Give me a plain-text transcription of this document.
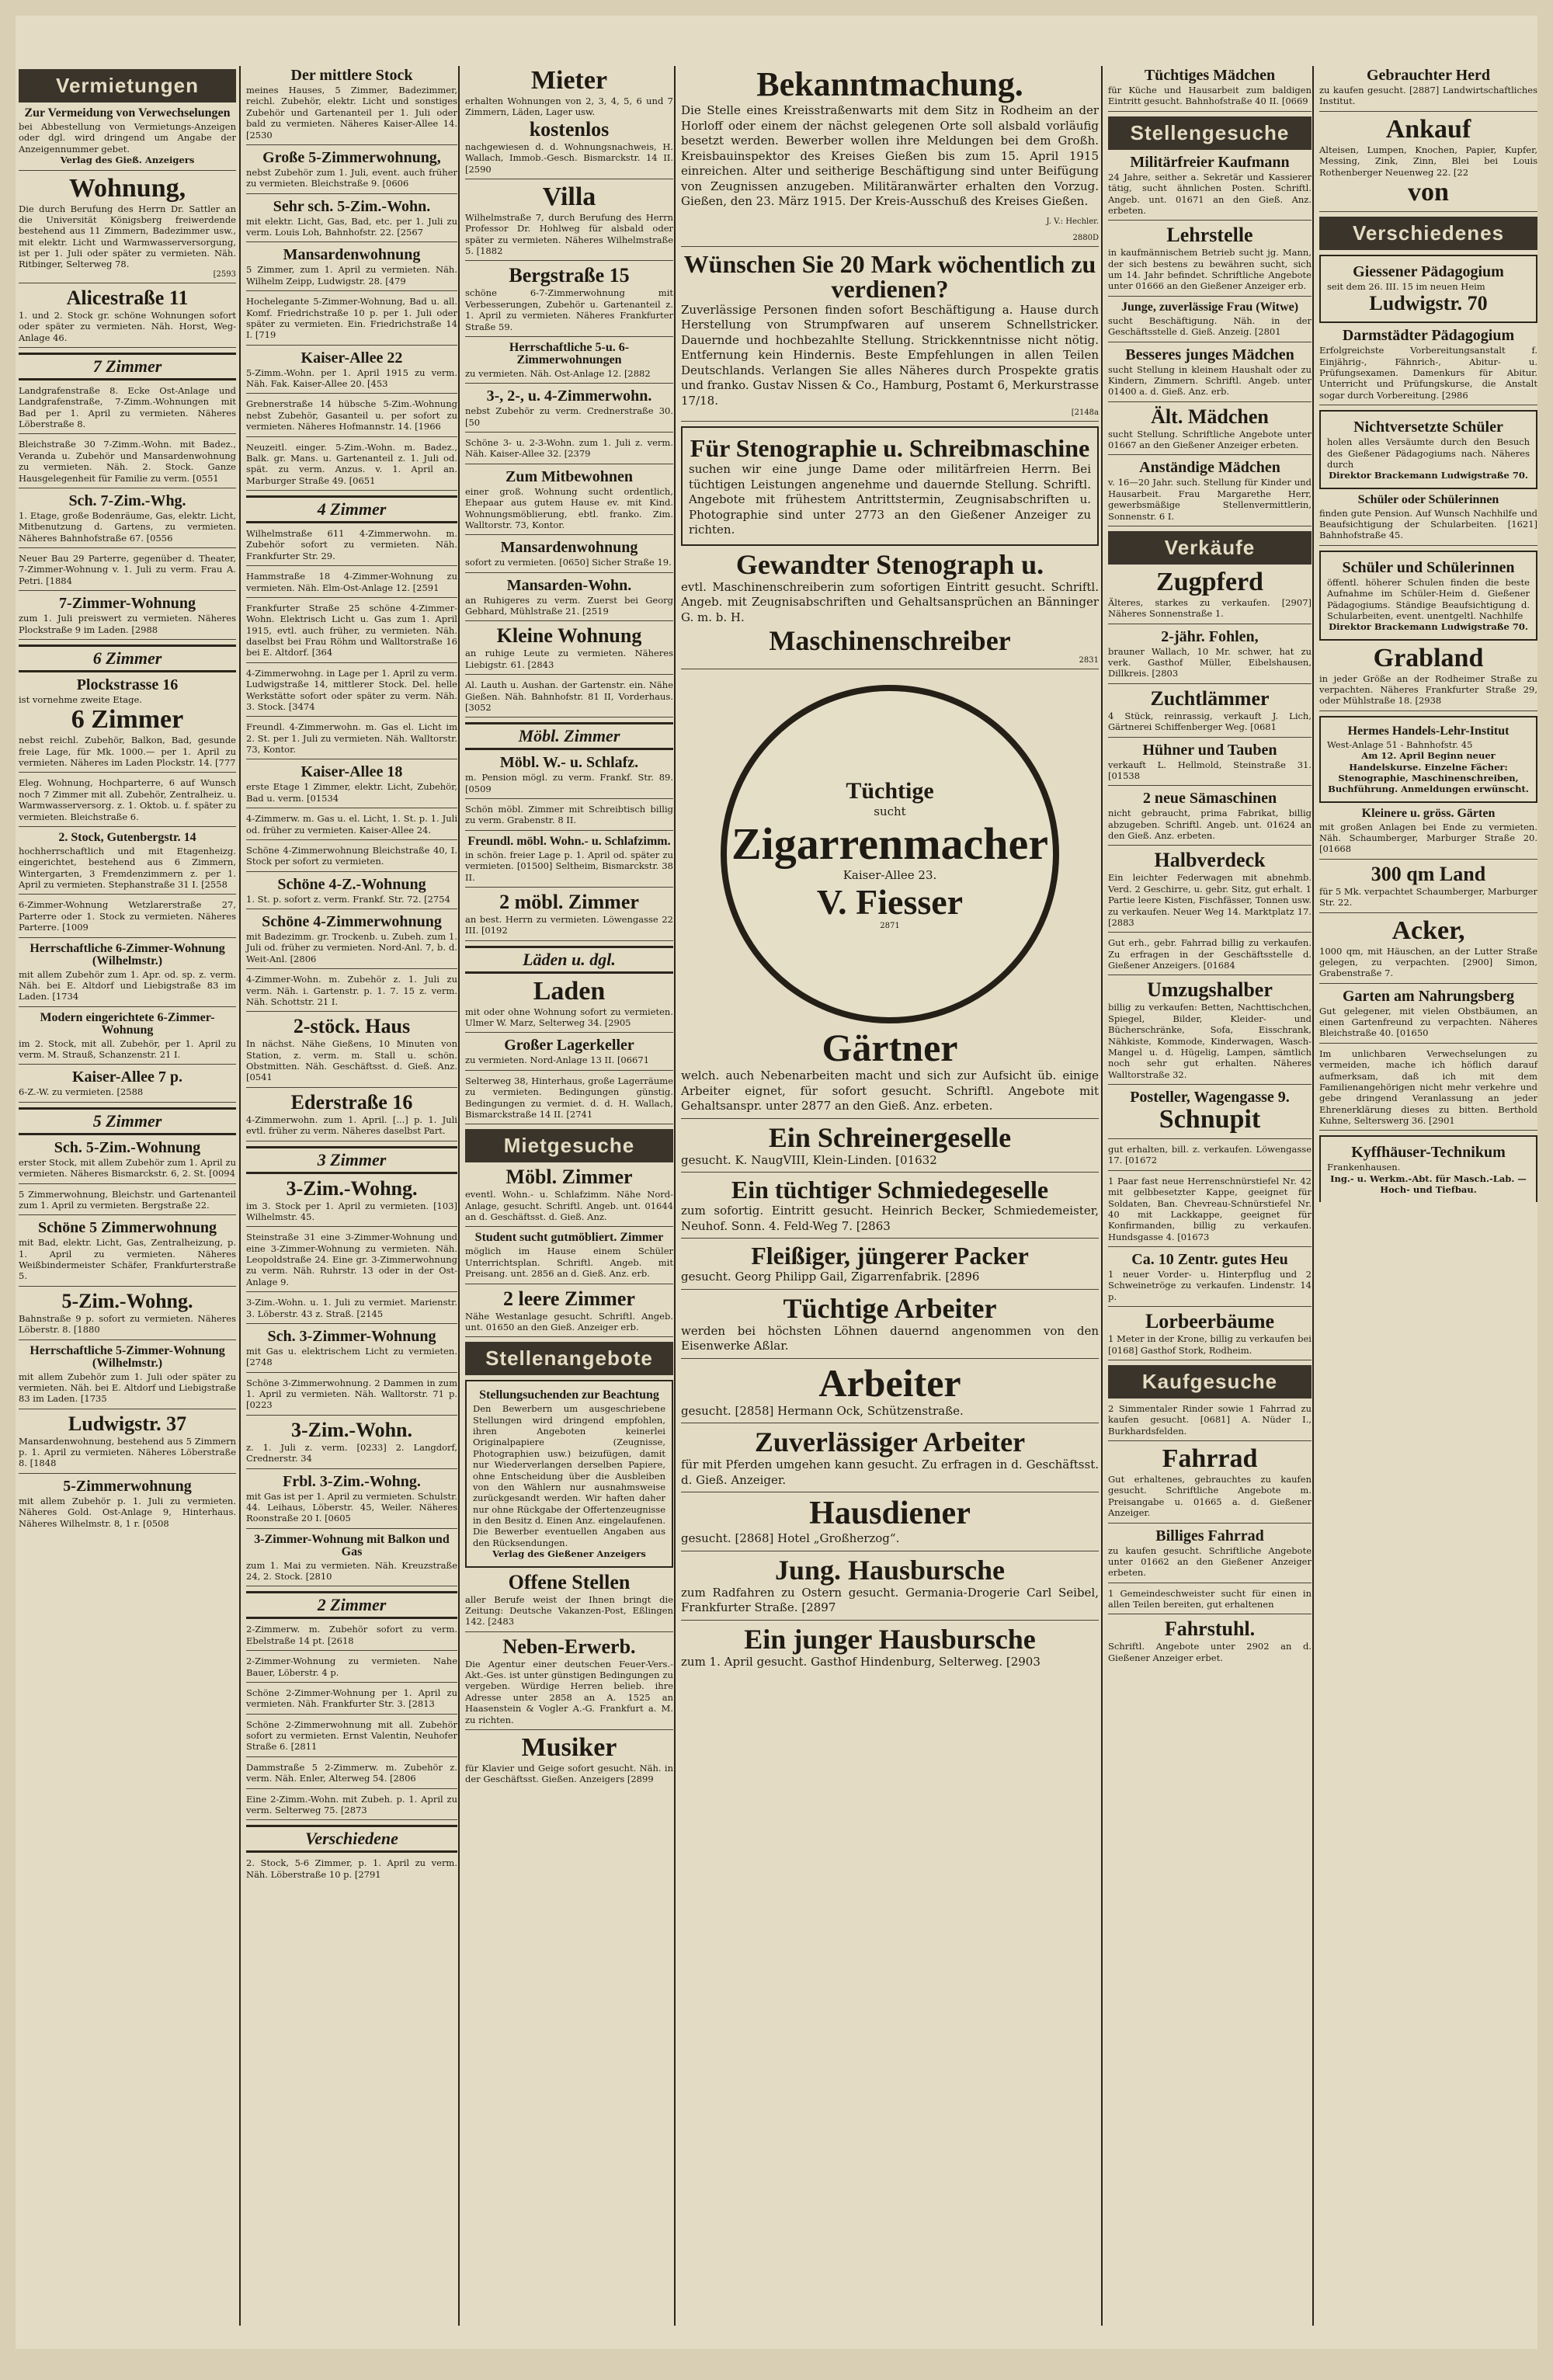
Vermietungen
Zur Vermeidung von Verwechselungen

bei Abbestellung von Vermietungs-Anzeigen oder dgl. wird dringend um Angabe der Anzeigennummer gebet.

Verlag des Gieß. Anzeigers

Wohnung,

Die durch Berufung des Herrn Dr. Sattler an die Universität Königsberg freiwerdende bestehend aus 11 Zimmern, Badezimmer usw., mit elektr. Licht und Warmwasserversorgung, ist per 1. Juli oder später zu vermieten. Näh. Ritbinger, Selterweg 78.

[2593
Alicestraße 11

1. und 2. Stock gr. schöne Wohnungen sofort oder später zu vermieten. Näh. Horst, Weg-Anlage 46.

7 Zimmer

Landgrafenstraße 8. Ecke Ost-Anlage und Landgrafenstraße, 7-Zimm.-Wohnungen mit Bad per 1. April zu vermieten. Näheres Löberstraße 8.

Bleichstraße 30 7-Zimm.-Wohn. mit Badez., Veranda u. Zubehör und Mansardenwohnung zu vermieten. Näh. 2. Stock. Ganze Hausgelegenheit für Familie zu verm. [0551

Sch. 7-Zim.-Whg.

1. Etage, große Bodenräume, Gas, elektr. Licht, Mitbenutzung d. Gartens, zu vermieten. Näheres Bahnhofstraße 67. [0556

Neuer Bau 29 Parterre, gegenüber d. Theater, 7-Zimmer-Wohnung v. 1. Juli zu verm. Frau A. Petri. [1884

7-Zimmer-Wohnung

zum 1. Juli preiswert zu vermieten. Näheres Plockstraße 9 im Laden. [2988

6 Zimmer
Plockstrasse 16

ist vornehme zweite Etage.

6 Zimmer

nebst reichl. Zubehör, Balkon, Bad, gesunde freie Lage, für Mk. 1000.— per 1. April zu vermieten. Näheres im Laden Plockstr. 14. [777

Eleg. Wohnung, Hochparterre, 6 auf Wunsch noch 7 Zimmer mit all. Zubehör, Zentralheiz. u. Warmwasserversorg. z. 1. Oktob. u. f. später zu vermieten. Bleichstraße 6.

2. Stock, Gutenbergstr. 14

hochherrschaftlich und mit Etagenheizg. eingerichtet, bestehend aus 6 Zimmern, Wintergarten, 3 Fremdenzimmern z. per 1. April zu vermieten. Stephanstraße 31 I. [2558

6-Zimmer-Wohnung Wetzlarerstraße 27, Parterre oder 1. Stock zu vermieten. Näheres Parterre. [1009

Herrschaftliche 6-Zimmer-Wohnung (Wilhelmstr.)

mit allem Zubehör zum 1. Apr. od. sp. z. verm. Näh. bei E. Altdorf und Liebigstraße 83 im Laden. [1734

Modern eingerichtete 6-Zimmer-Wohnung

im 2. Stock, mit all. Zubehör, per 1. April zu verm. M. Strauß, Schanzenstr. 21 I.

Kaiser-Allee 7 p.

6-Z.-W. zu vermieten. [2588

5 Zimmer
Sch. 5-Zim.-Wohnung

erster Stock, mit allem Zubehör zum 1. April zu vermieten. Näheres Bismarckstr. 6, 2. St. [0094

5 Zimmerwohnung, Bleichstr. und Gartenanteil zum 1. April zu vermieten. Bergstraße 22.

Schöne 5 Zimmerwohnung

mit Bad, elektr. Licht, Gas, Zentralheizung, p. 1. April zu vermieten. Näheres Weißbindermeister Schäfer, Frankfurterstraße 5.

5-Zim.-Wohng.

Bahnstraße 9 p. sofort zu vermieten. Näheres Löberstr. 8. [1880

Herrschaftliche 5-Zimmer-Wohnung (Wilhelmstr.)

mit allem Zubehör zum 1. Juli oder später zu vermieten. Näh. bei E. Altdorf und Liebigstraße 83 im Laden. [1735

Ludwigstr. 37

Mansardenwohnung, bestehend aus 5 Zimmern p. 1. April zu vermieten. Näheres Löberstraße 8. [1848

5-Zimmerwohnung

mit allem Zubehör p. 1. Juli zu vermieten. Näheres Gold. Ost-Anlage 9, Hinterhaus. Näheres Wilhelmstr. 8, 1 r. [0508

Der mittlere Stock

meines Hauses, 5 Zimmer, Badezimmer, reichl. Zubehör, elektr. Licht und sonstiges Zubehör und Gartenanteil per 1. Juli oder bald zu vermieten. Näheres Kaiser-Allee 14. [2530

Große 5-Zimmerwohnung,

nebst Zubehör zum 1. Juli, event. auch früher zu vermieten. Bleichstraße 9. [0606

Sehr sch. 5-Zim.-Wohn.

mit elektr. Licht, Gas, Bad, etc. per 1. Juli zu verm. Louis Loh, Bahnhofstr. 22. [2567

Mansardenwohnung

5 Zimmer, zum 1. April zu vermieten. Näh. Wilhelm Zeipp, Ludwigstr. 28. [479

Hochelegante 5-Zimmer-Wohnung, Bad u. all. Komf. Friedrichstraße 10 p. per 1. Juli oder später zu vermieten. Ein. Friedrichstraße 14 I. [719

Kaiser-Allee 22

5-Zimm.-Wohn. per 1. April 1915 zu verm. Näh. Fak. Kaiser-Allee 20. [453

Grebnerstraße 14 hübsche 5-Zim.-Wohnung nebst Zubehör, Gasanteil u. per sofort zu vermieten. Näheres Hofmannstr. 14. [1966

Neuzeitl. einger. 5-Zim.-Wohn. m. Badez., Balk. gr. Mans. u. Gartenanteil z. 1. Juli od. spät. zu verm. Anzus. v. 1. April an. Marburger Straße 49. [0651

4 Zimmer

Wilhelmstraße 611 4-Zimmerwohn. m. Zubehör sofort zu vermieten. Näh. Frankfurter Str. 29.

Hammstraße 18 4-Zimmer-Wohnung zu vermieten. Näh. Elm-Ost-Anlage 12. [2591

Frankfurter Straße 25 schöne 4-Zimmer-Wohn. Elektrisch Licht u. Gas zum 1. April 1915, evtl. auch früher, zu vermieten. Näh. daselbst bei Frau Röhm und Walltorstraße 16 bei E. Altdorf. [364

4-Zimmerwohng. in Lage per 1. April zu verm. Ludwigstraße 14, mittlerer Stock. Del. helle Werkstätte sofort oder später zu verm. Näh. 3. Stock. [3474

Freundl. 4-Zimmerwohn. m. Gas el. Licht im 2. St. per 1. Juli zu vermieten. Näh. Walltorstr. 73, Kontor.

Kaiser-Allee 18

erste Etage 1 Zimmer, elektr. Licht, Zubehör, Bad u. verm. [01534

4-Zimmerw. m. Gas u. el. Licht, 1. St. p. 1. Juli od. früher zu vermieten. Kaiser-Allee 24.

Schöne 4-Zimmerwohnung Bleichstraße 40, I. Stock per sofort zu vermieten.

Schöne 4-Z.-Wohnung

1. St. p. sofort z. verm. Frankf. Str. 72. [2754

Schöne 4-Zimmerwohnung

mit Badezimm. gr. Trockenb. u. Zubeh. zum 1. Juli od. früher zu vermieten. Nord-Anl. 7, b. d. Weit-Anl. [2806

4-Zimmer-Wohn. m. Zubehör z. 1. Juli zu verm. Näh. i. Gartenstr. p. 1. 7. 15 z. verm. Näh. Schottstr. 21 I.

2-stöck. Haus

In nächst. Nähe Gießens, 10 Minuten von Station, z. verm. m. Stall u. schön. Obstmitten. Näh. Geschäftsst. d. Gieß. Anz. [0541

Ederstraße 16

4-Zimmerwohn. zum 1. April. [...] p. 1. Juli evtl. früher zu verm. Näheres daselbst Part.

3 Zimmer
3-Zim.-Wohng.

im 3. Stock per 1. April zu vermieten. [103] Wilhelmstr. 45.

Steinstraße 31 eine 3-Zimmer-Wohnung und eine 3-Zimmer-Wohnung zu vermieten. Näh. Leopoldstraße 24. Eine gr. 3-Zimmerwohnung zu verm. Näh. Ruhrstr. 13 oder in der Ost-Anlage 9.

3-Zim.-Wohn. u. 1. Juli zu vermiet. Marienstr. 3. Löberstr. 43 z. Straß. [2145

Sch. 3-Zimmer-Wohnung

mit Gas u. elektrischem Licht zu vermieten. [2748

Schöne 3-Zimmerwohnung. 2 Dammen in zum 1. April zu vermieten. Näh. Walltorstr. 71 p. [0223

3-Zim.-Wohn.

z. 1. Juli z. verm. [0233] 2. Langdorf, Crednerstr. 34

Frbl. 3-Zim.-Wohng.

mit Gas ist per 1. April zu vermieten. Schulstr. 44. Leihaus, Löberstr. 45, Weiler. Näheres Roonstraße 20 I. [0605

3-Zimmer-Wohnung mit Balkon und Gas

zum 1. Mai zu vermieten. Näh. Kreuzstraße 24, 2. Stock. [2810

2 Zimmer

2-Zimmerw. m. Zubehör sofort zu verm. Ebelstraße 14 pt. [2618

2-Zimmer-Wohnung zu vermieten. Nahe Bauer, Löberstr. 4 p.

Schöne 2-Zimmer-Wohnung per 1. April zu vermieten. Näh. Frankfurter Str. 3. [2813

Schöne 2-Zimmerwohnung mit all. Zubehör sofort zu vermieten. Ernst Valentin, Neuhofer Straße 6. [2811

Dammstraße 5 2-Zimmerw. m. Zubehör z. verm. Näh. Enler, Alterweg 54. [2806

Eine 2-Zimm.-Wohn. mit Zubeh. p. 1. April zu verm. Selterweg 75. [2873

Verschiedene

2. Stock, 5-6 Zimmer, p. 1. April zu verm. Näh. Löberstraße 10 p. [2791

Mieter

erhalten Wohnungen von 2, 3, 4, 5, 6 und 7 Zimmern, Läden, Lager usw.

kostenlos

nachgewiesen d. d. Wohnungsnachweis, H. Wallach, Immob.-Gesch. Bismarckstr. 14 II. [2590

Villa

Wilhelmstraße 7, durch Berufung des Herrn Professor Dr. Hohlweg für alsbald oder später zu vermieten. Näheres Wilhelmstraße 5. [1882

Bergstraße 15

schöne 6-7-Zimmerwohnung mit Verbesserungen, Zubehör u. Gartenanteil z. 1. April zu vermieten. Näheres Frankfurter Straße 59.

Herrschaftliche 5-u. 6-Zimmerwohnungen

zu vermieten. Näh. Ost-Anlage 12. [2882

3-, 2-, u. 4-Zimmerwohn.

nebst Zubehör zu verm. Crednerstraße 30. [50

Schöne 3- u. 2-3-Wohn. zum 1. Juli z. verm. Näh. Kaiser-Allee 32. [2379

Zum Mitbewohnen

einer groß. Wohnung sucht ordentlich, Ehepaar aus gutem Hause ev. mit Kind. Wohnungsmöblierung, ebtl. franko. Zim. Walltorstr. 73, Kontor.

Mansardenwohnung

sofort zu vermieten. [0650] Sicher Straße 19.

Mansarden-Wohn.

an Ruhigeres zu verm. Zuerst bei Georg Gebhard, Mühlstraße 21. [2519

Kleine Wohnung

an ruhige Leute zu vermieten. Näheres Liebigstr. 61. [2843

Al. Lauth u. Aushan. der Gartenstr. ein. Nähe Gießen. Näh. Bahnhofstr. 81 II, Vorderhaus. [3052

Möbl. Zimmer
Möbl. W.- u. Schlafz.

m. Pension mögl. zu verm. Frankf. Str. 89. [0509

Schön möbl. Zimmer mit Schreibtisch billig zu verm. Grabenstr. 8 II.

Freundl. möbl. Wohn.- u. Schlafzimm.

in schön. freier Lage p. 1. April od. später zu vermieten. [01500] Seltheim, Bismarckstr. 38 II.

2 möbl. Zimmer

an best. Herrn zu vermieten. Löwengasse 22 III. [0192

Läden u. dgl.
Laden

mit oder ohne Wohnung sofort zu vermieten. Ulmer W. Marz, Selterweg 34. [2905

Großer Lagerkeller

zu vermieten. Nord-Anlage 13 II. [06671

Selterweg 38, Hinterhaus, große Lagerräume zu vermieten. Bedingungen günstig. Bedingungen zu vermiet. d. d. H. Wallach, Bismarckstraße 14 II. [2741

Mietgesuche
Möbl. Zimmer

eventl. Wohn.- u. Schlafzimm. Nähe Nord-Anlage, gesucht. Schriftl. Angeb. unt. 01644 an d. Geschäftsst. d. Gieß. Anz.

Student sucht gutmöbliert. Zimmer

möglich im Hause einem Schüler Unterrichtsplan. Schriftl. Angeb. mit Preisang. unt. 2856 an d. Gieß. Anz. erb.

2 leere Zimmer

Nähe Westanlage gesucht. Schriftl. Angeb. unt. 01650 an den Gieß. Anzeiger erb.

Stellenangebote
Stellungsuchenden zur Beachtung

Den Bewerbern um ausgeschriebene Stellungen wird dringend empfohlen, ihren Angeboten keinerlei Originalpapiere (Zeugnisse, Photographien usw.) beizufügen, damit nur Wiederverlangen derselben Papiere, ohne Entscheidung über die Ausbleiben von den Wählern nur ausnahmsweise zurückgesandt werden. Wir haften daher nur ohne Rückgabe der Offertenzeugnisse in den Besitz d. Einen Anz. eingelaufenen. Die Bewerber eventuellen Angaben aus den Rücksendungen.

Verlag des Gießener Anzeigers

Offene Stellen

aller Berufe weist der Ihnen bringt die Zeitung: Deutsche Vakanzen-Post, Eßlingen 142. [2483

Neben-Erwerb.

Die Agentur einer deutschen Feuer-Vers.-Akt.-Ges. ist unter günstigen Bedingungen zu vergeben. Würdige Herren belieb. ihre Adresse unter 2858 an A. 1525 an Haasenstein & Vogler A.-G. Frankfurt a. M. zu richten.

Musiker

für Klavier und Geige sofort gesucht. Näh. in der Geschäftsst. Gießen. Anzeigers [2899

Bekanntmachung.

Die Stelle eines Kreisstraßenwarts mit dem Sitz in Rodheim an der Horloff oder einem der nächst gelegenen Orte soll alsbald vorläufig besetzt werden. Bewerber wollen ihre Meldungen bei dem Großh. Kreisbauinspektor des Kreises Gießen bis zum 15. April 1915 einreichen. Alter und seitherige Beschäftigung sind unter Beifügung von Zeugnissen anzugeben. Militäranwärter erhalten den Vorzug. Gießen, den 23. März 1915. Der Kreis-Ausschuß des Kreises Gießen.

J. V.: Hechler.

2880D
Wünschen Sie 20 Mark wöchentlich zu verdienen?

Zuverlässige Personen finden sofort Beschäftigung a. Hause durch Herstellung von Strumpfwaren auf unserem Schnellstricker. Dauernde und hochbezahlte Stellung. Strickkenntnisse nicht nötig. Entfernung kein Hindernis. Beste Empfehlungen in allen Teilen Deutschlands. Verlangen Sie alles Näheres durch Prospekte gratis und franko. Gustav Nissen & Co., Hamburg, Postamt 6, Merkurstrasse 17/18.

[2148a
Für Stenographie u. Schreibmaschine

suchen wir eine junge Dame oder militärfreien Herrn. Bei tüchtigen Leistungen angenehme und dauernde Stellung. Schriftl. Angebote mit frühestem Antrittstermin, Zeugnisabschriften u. Photographie sind unter 2773 an den Gießener Anzeiger zu richten.

Gewandter Stenograph u.

evtl. Maschinenschreiberin zum sofortigen Eintritt gesucht. Schriftl. Angeb. mit Zeugnisabschriften und Gehaltsansprüchen an Bänninger G. m. b. H.

Maschinenschreiber
2831
Tüchtige

sucht

Zigarrenmacher

Kaiser-Allee 23.

V. Fiesser
2871
Gärtner

welch. auch Nebenarbeiten macht und sich zur Aufsicht üb. einige Arbeiter eignet, für sofort gesucht. Schriftl. Angebote mit Gehaltsanspr. unter 2877 an den Gieß. Anz. erbeten.

Ein Schreinergeselle

gesucht. K. NaugVIII, Klein-Linden. [01632

Ein tüchtiger Schmiedegeselle

zum sofortig. Eintritt gesucht. Heinrich Becker, Schmiedemeister, Neuhof. Sonn. 4. Feld-Weg 7. [2863

Fleißiger, jüngerer Packer

gesucht. Georg Philipp Gail, Zigarrenfabrik. [2896

Tüchtige Arbeiter

werden bei höchsten Löhnen dauernd angenommen von den Eisenwerke Aßlar.

Arbeiter

gesucht. [2858] Hermann Ock, Schützenstraße.

Zuverlässiger Arbeiter

für mit Pferden umgehen kann gesucht. Zu erfragen in d. Geschäftsst. d. Gieß. Anzeiger.

Hausdiener

gesucht. [2868] Hotel „Großherzog“.

Jung. Hausbursche

zum Radfahren zu Ostern gesucht. Germania-Drogerie Carl Seibel, Frankfurter Straße. [2897

Ein junger Hausbursche

zum 1. April gesucht. Gasthof Hindenburg, Selterweg. [2903

Tüchtiges Mädchen

für Küche und Hausarbeit zum baldigen Eintritt gesucht. Bahnhofstraße 40 II. [0669

Stellengesuche
Militärfreier Kaufmann

24 Jahre, seither a. Sekretär und Kassierer tätig, sucht ähnlichen Posten. Schriftl. Angeb. unt. 01671 an den Gieß. Anz. erbeten.

Lehrstelle

in kaufmännischem Betrieb sucht jg. Mann, der sich bestens zu bewähren sucht, sich um 14. Jahr befindet. Schriftliche Angebote unter 01666 an den Gießener Anzeiger erb.

Junge, zuverlässige Frau (Witwe)

sucht Beschäftigung. Näh. in der Geschäftsstelle d. Gieß. Anzeig. [2801

Besseres junges Mädchen

sucht Stellung in kleinem Haushalt oder zu Kindern, Zimmern. Schriftl. Angeb. unter 01400 a. d. Gieß. Anz. erb.

Ält. Mädchen

sucht Stellung. Schriftliche Angebote unter 01667 an den Gießener Anzeiger erbeten.

Anständige Mädchen

v. 16—20 Jahr. such. Stellung für Kinder und Hausarbeit. Frau Margarethe Herr, gewerbsmäßige Stellenvermittlerin, Sonnenstr. 6 I.

Verkäufe
Zugpferd

Älteres, starkes zu verkaufen. [2907] Näheres Sonnenstraße 1.

2-jähr. Fohlen,

brauner Wallach, 10 Mr. schwer, hat zu verk. Gasthof Müller, Eibelshausen, Dillkreis. [2803

Zuchtlämmer

4 Stück, reinrassig, verkauft J. Lich, Gärtnerei Schiffenberger Weg. [0681

Hühner und Tauben

verkauft L. Hellmold, Steinstraße 31. [01538

2 neue Sämaschinen

nicht gebraucht, prima Fabrikat, billig abzugeben. Schriftl. Angeb. unt. 01624 an den Gieß. Anz. erbeten.

Halbverdeck

Ein leichter Federwagen mit abnehmb. Verd. 2 Geschirre, u. gebr. Sitz, gut erhalt. 1 Partie leere Kisten, Fischfässer, Tonnen usw. zu verkaufen. Neuer Weg 14. Marktplatz 17. [2883

Gut erh., gebr. Fahrrad billig zu verkaufen. Zu erfragen in der Geschäftsstelle d. Gießener Anzeigers. [01684

Umzugshalber

billig zu verkaufen: Betten, Nachttischchen, Spiegel, Bilder, Kleider- und Bücherschränke, Sofa, Eisschrank, Nähkiste, Kommode, Kinderwagen, Wasch-Mangel u. d. Hügelig, Lampen, sämtlich noch sehr gut erhalten. Näheres Walltorstraße 32.

Posteller, Wagengasse 9.
Schnupit

gut erhalten, bill. z. verkaufen. Löwengasse 17. [01672

1 Paar fast neue Herrenschnürstiefel Nr. 42 mit gelbbesetzter Kappe, geeignet für Soldaten, Ban. Chevreau-Schnürstiefel Nr. 40 mit Lackkappe, geeignet für Konfirmanden, billig zu verkaufen. Hundsgasse 4. [01673

Ca. 10 Zentr. gutes Heu

1 neuer Vorder- u. Hinterpflug und 2 Schweinetröge zu verkaufen. Lindenstr. 14 p.

Lorbeerbäume

1 Meter in der Krone, billig zu verkaufen bei [0168] Gasthof Stork, Rodheim.

Kaufgesuche

2 Simmentaler Rinder sowie 1 Fahrrad zu kaufen gesucht. [0681] A. Nüder I., Burkhardsfelden.

Fahrrad

Gut erhaltenes, gebrauchtes zu kaufen gesucht. Schriftliche Angebote m. Preisangabe u. 01665 a. d. Gießener Anzeiger.

Billiges Fahrrad

zu kaufen gesucht. Schriftliche Angebote unter 01662 an den Gießener Anzeiger erbeten.

1 Gemeindeschweister sucht für einen in allen Teilen bereiten, gut erhaltenen

Fahrstuhl.

Schriftl. Angebote unter 2902 an d. Gießener Anzeiger erbet.

Gebrauchter Herd

zu kaufen gesucht. [2887] Landwirtschaftliches Institut.

Ankauf

Alteisen, Lumpen, Knochen, Papier, Kupfer, Messing, Zink, Zinn, Blei bei Louis Rothenberger Neuenweg 22. [22

von
Verschiedenes
Giessener Pädagogium

seit dem 26. III. 15 im neuen Heim

Ludwigstr. 70
Darmstädter Pädagogium

Erfolgreichste Vorbereitungsanstalt f. Einjährig-, Fähnrich-, Abitur- u. Prüfungsexamen. Damenkurs für Abitur. Unterricht und Prüfungskurse, die Anstalt sogar durch Vorbereitung. [2986

Nichtversetzte Schüler

holen alles Versäumte durch den Besuch des Gießener Pädagogiums nach. Näheres durch

Direktor Brackemann Ludwigstraße 70.

Schüler oder Schülerinnen

finden gute Pension. Auf Wunsch Nachhilfe und Beaufsichtigung der Schularbeiten. [1621] Bahnhofstraße 45.

Schüler und Schülerinnen

öffentl. höherer Schulen finden die beste Aufnahme im Schüler-Heim d. Gießener Pädagogiums. Ständige Beaufsichtigung d. Schularbeiten, event. unentgeltl. Nachhilfe

Direktor Brackemann Ludwigstraße 70.

Grabland

in jeder Größe an der Rodheimer Straße zu verpachten. Näheres Frankfurter Straße 29, oder Mühlstraße 18. [2938

Hermes Handels-Lehr-Institut

West-Anlage 51 - Bahnhofstr. 45

Am 12. April Beginn neuer Handelskurse. Einzelne Fächer: Stenographie, Maschinenschreiben, Buchführung. Anmeldungen erwünscht.

Kleinere u. gröss. Gärten

mit großen Anlagen bei Ende zu vermieten. Näh. Schaumberger, Marburger Straße 20. [01668

300 qm Land

für 5 Mk. verpachtet Schaumberger, Marburger Str. 22.

Acker,

1000 qm, mit Häuschen, an der Lutter Straße gelegen, zu verpachten. [2900] Simon, Grabenstraße 7.

Garten am Nahrungsberg

Gut gelegener, mit vielen Obstbäumen, an einen Gartenfreund zu verpachten. Näheres Bleichstraße 40. [01650

Im unlichbaren Verwechselungen zu vermeiden, mache ich höflich darauf aufmerksam, daß ich mit dem Familienangehörigen nicht mehr verkehre und gebe dringend Veranlassung an jeder Ehrenerklärung dieses zu bitten. Berthold Kuhne, Selterswerg 36. [2901

Kyffhäuser-Technikum

Frankenhausen.

Ing.- u. Werkm.-Abt. für Masch.-Lab. — Hoch- und Tiefbau.
